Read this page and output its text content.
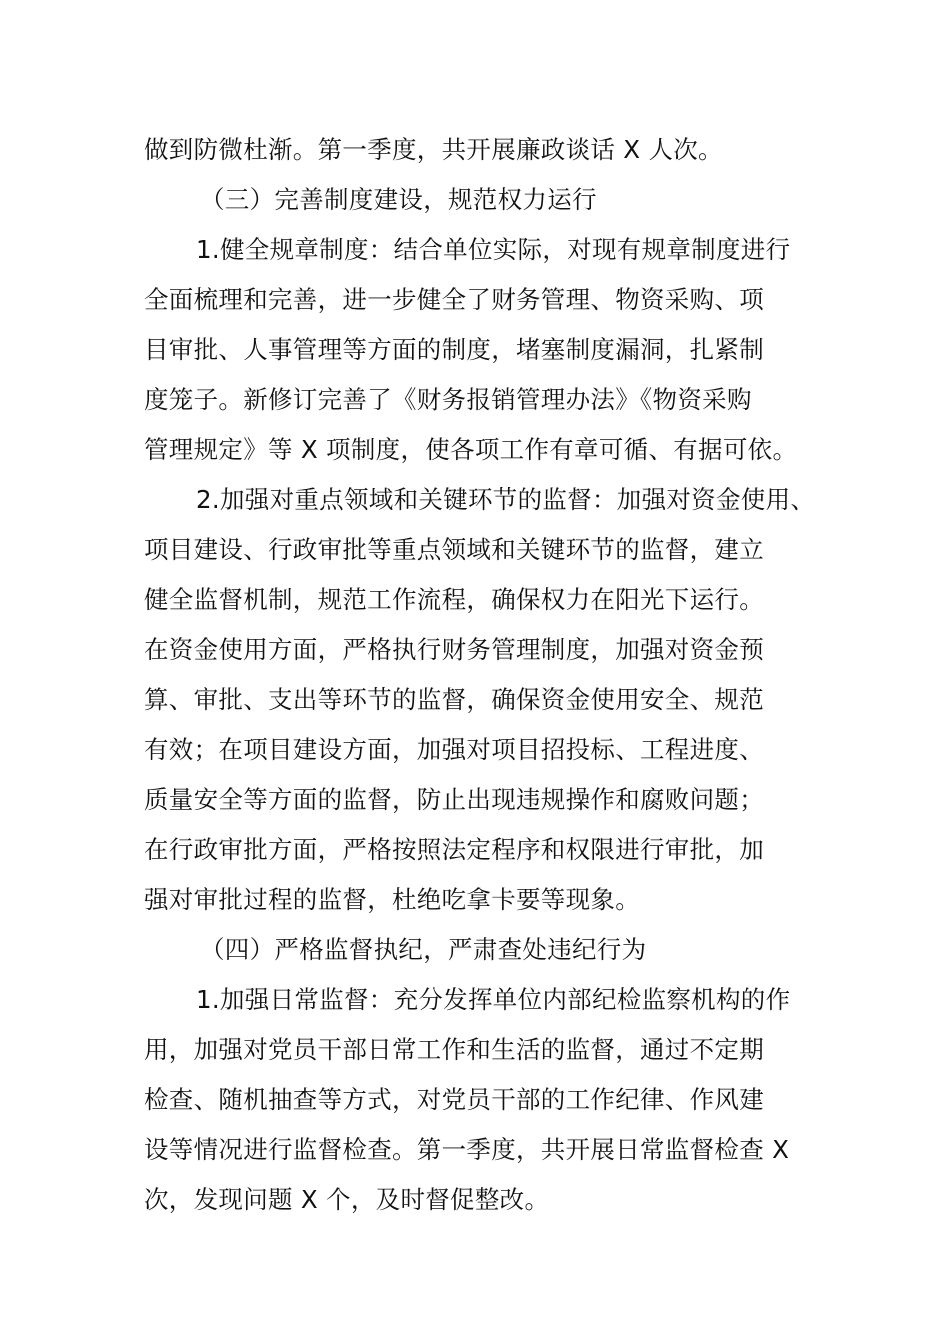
做到防微杜渐。第一季度，共开展廉政谈话 X 人次。
（三）完善制度建设，规范权力运行
1.健全规章制度：结合单位实际，对现有规章制度进行
全面梳理和完善，进一步健全了财务管理、物资采购、项
目审批、人事管理等方面的制度，堵塞制度漏洞，扎紧制
度笼子。新修订完善了《财务报销管理办法》《物资采购
管理规定》等 X 项制度，使各项工作有章可循、有据可依。
2.加强对重点领域和关键环节的监督：加强对资金使用、
项目建设、行政审批等重点领域和关键环节的监督，建立
健全监督机制，规范工作流程，确保权力在阳光下运行。
在资金使用方面，严格执行财务管理制度，加强对资金预
算、审批、支出等环节的监督，确保资金使用安全、规范
有效；在项目建设方面，加强对项目招投标、工程进度、
质量安全等方面的监督，防止出现违规操作和腐败问题；
在行政审批方面，严格按照法定程序和权限进行审批，加
强对审批过程的监督，杜绝吃拿卡要等现象。
（四）严格监督执纪，严肃查处违纪行为
1.加强日常监督：充分发挥单位内部纪检监察机构的作
用，加强对党员干部日常工作和生活的监督，通过不定期
检查、随机抽查等方式，对党员干部的工作纪律、作风建
设等情况进行监督检查。第一季度，共开展日常监督检查 X
次，发现问题 X 个，及时督促整改。
